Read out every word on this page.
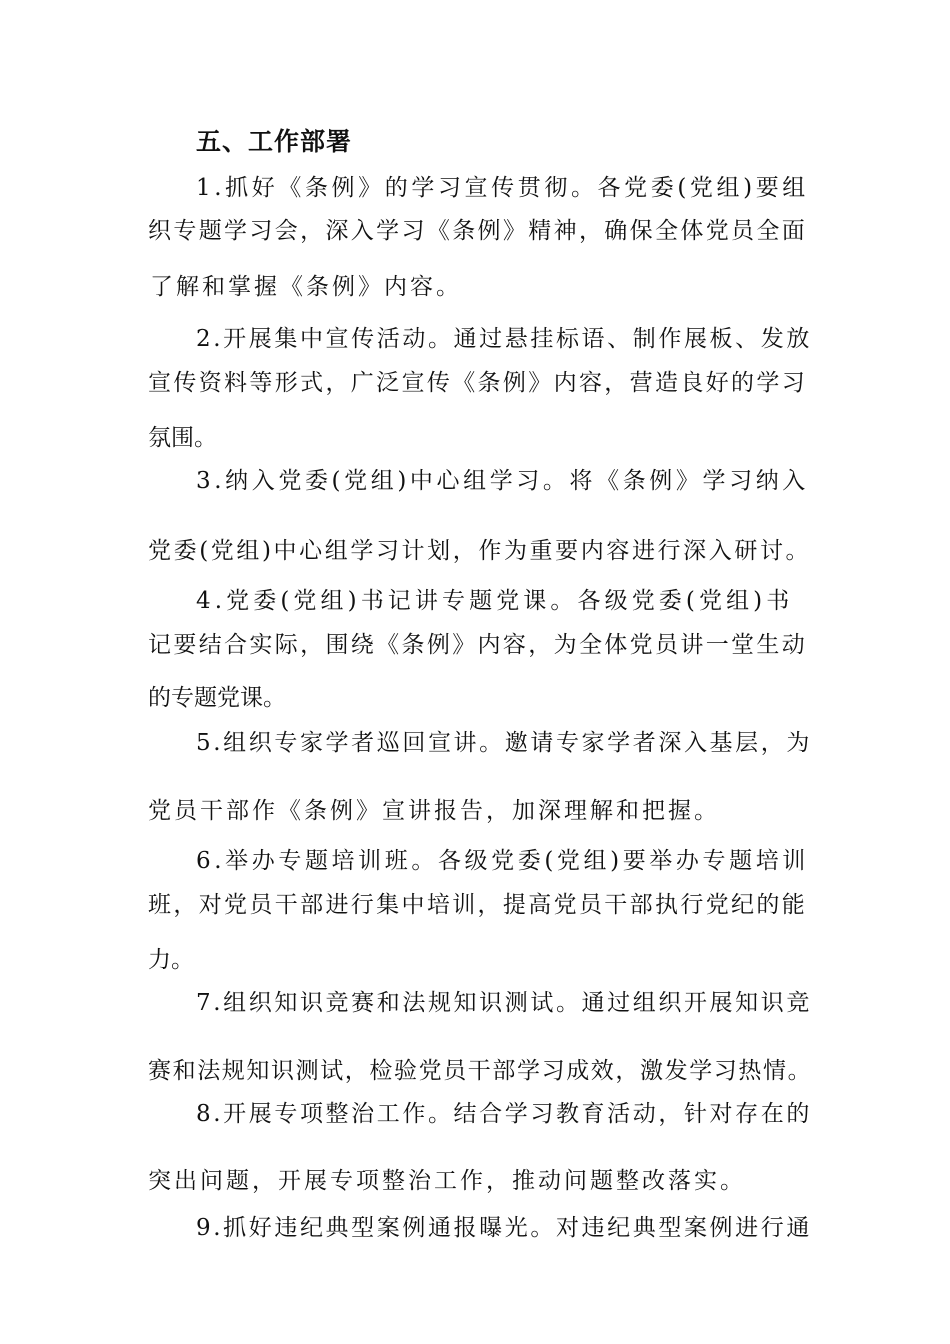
五、工作部署
1.抓好《条例》的学习宣传贯彻。各党委(党组)要组
织专题学习会，深入学习《条例》精神，确保全体党员全面
了解和掌握《条例》内容。
2.开展集中宣传活动。通过悬挂标语、制作展板、发放
宣传资料等形式，广泛宣传《条例》内容，营造良好的学习
氛围。
3.纳入党委(党组)中心组学习。将《条例》学习纳入
党委(党组)中心组学习计划，作为重要内容进行深入研讨。
4.党委(党组)书记讲专题党课。各级党委(党组)书
记要结合实际，围绕《条例》内容，为全体党员讲一堂生动
的专题党课。
5.组织专家学者巡回宣讲。邀请专家学者深入基层，为
党员干部作《条例》宣讲报告，加深理解和把握。
6.举办专题培训班。各级党委(党组)要举办专题培训
班，对党员干部进行集中培训，提高党员干部执行党纪的能
力。
7.组织知识竞赛和法规知识测试。通过组织开展知识竞
赛和法规知识测试，检验党员干部学习成效，激发学习热情。
8.开展专项整治工作。结合学习教育活动，针对存在的
突出问题，开展专项整治工作，推动问题整改落实。
9.抓好违纪典型案例通报曝光。对违纪典型案例进行通
